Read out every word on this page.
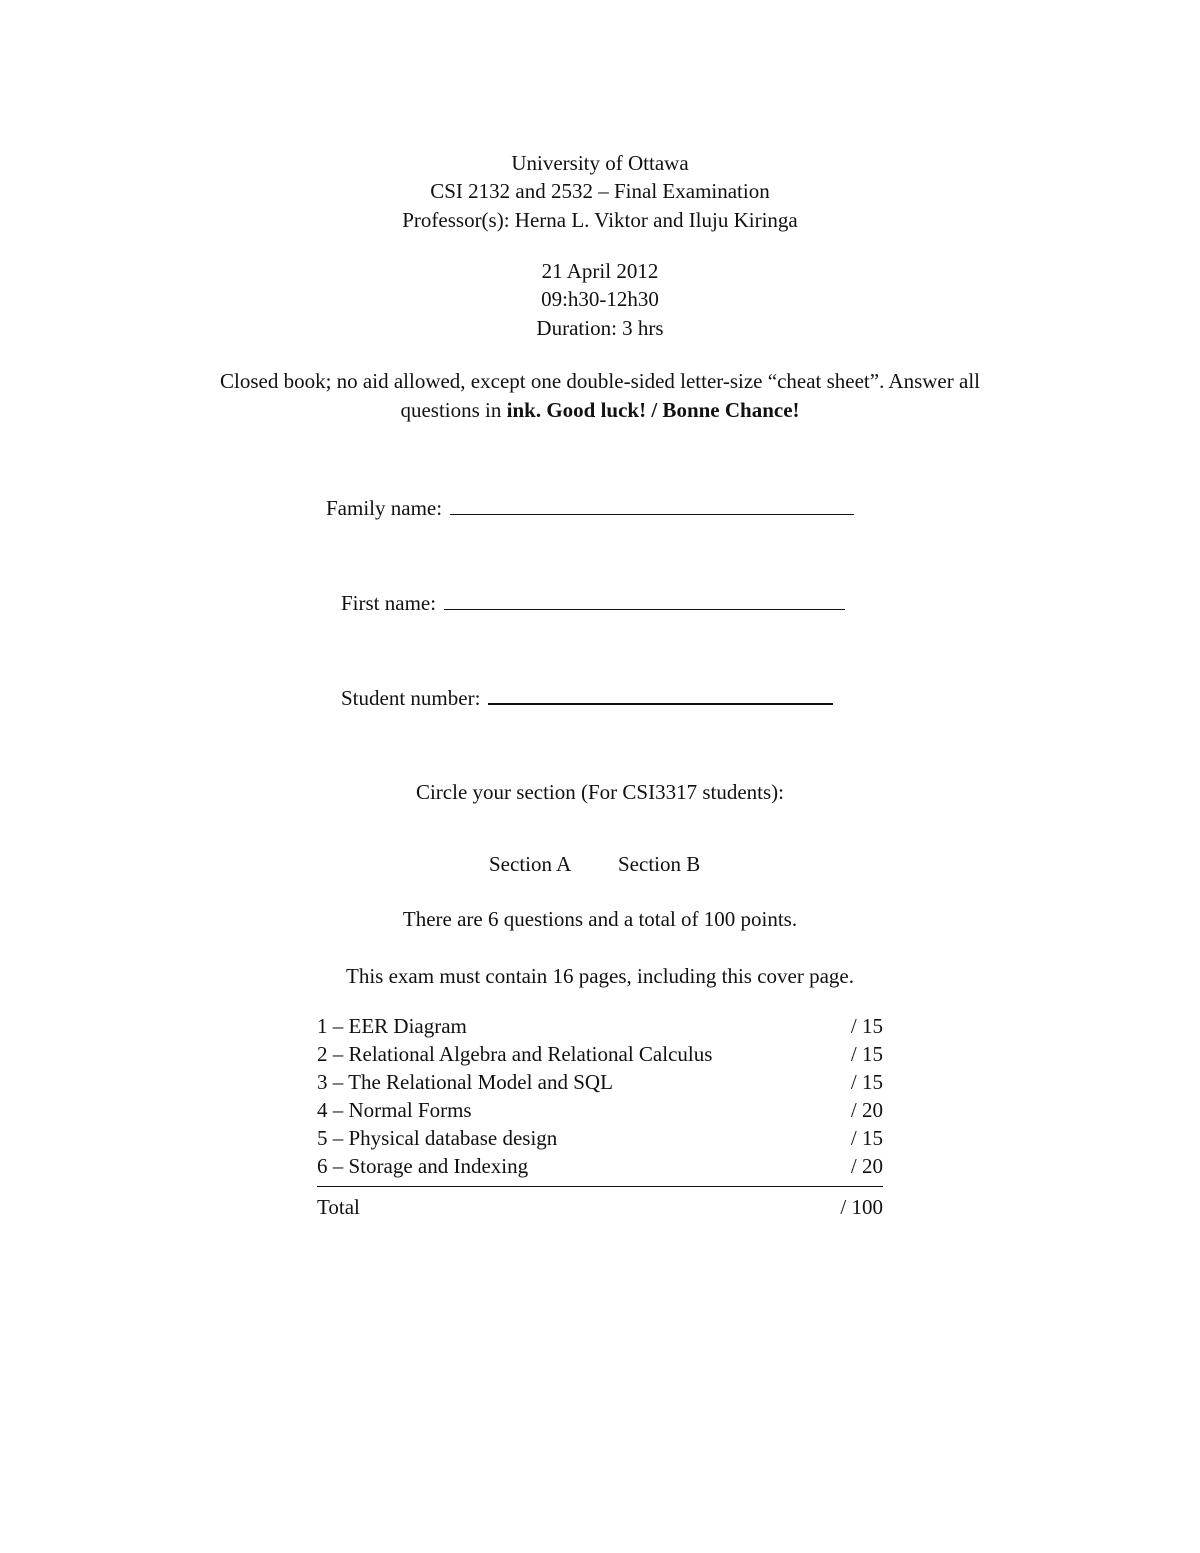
University of Ottawa
CSI 2132 and 2532 – Final Examination
Professor(s): Herna L. Viktor and Iluju Kiringa
21 April 2012
09:h30-12h30
Duration: 3 hrs
Closed book; no aid allowed, except one double-sided letter-size “cheat sheet”. Answer all
questions in ink. Good luck! / Bonne Chance!
Family name:
First name:
Student number:
Circle your section (For CSI3317 students):
Section A Section B
There are 6 questions and a total of 100 points.
This exam must contain 16 pages, including this cover page.
1 – EER Diagram	/ 15
2 – Relational Algebra and Relational Calculus	/ 15
3 – The Relational Model and SQL	/ 15
4 – Normal Forms	/ 20
5 – Physical database design	/ 15
6 – Storage and Indexing	/ 20
Total	/ 100
